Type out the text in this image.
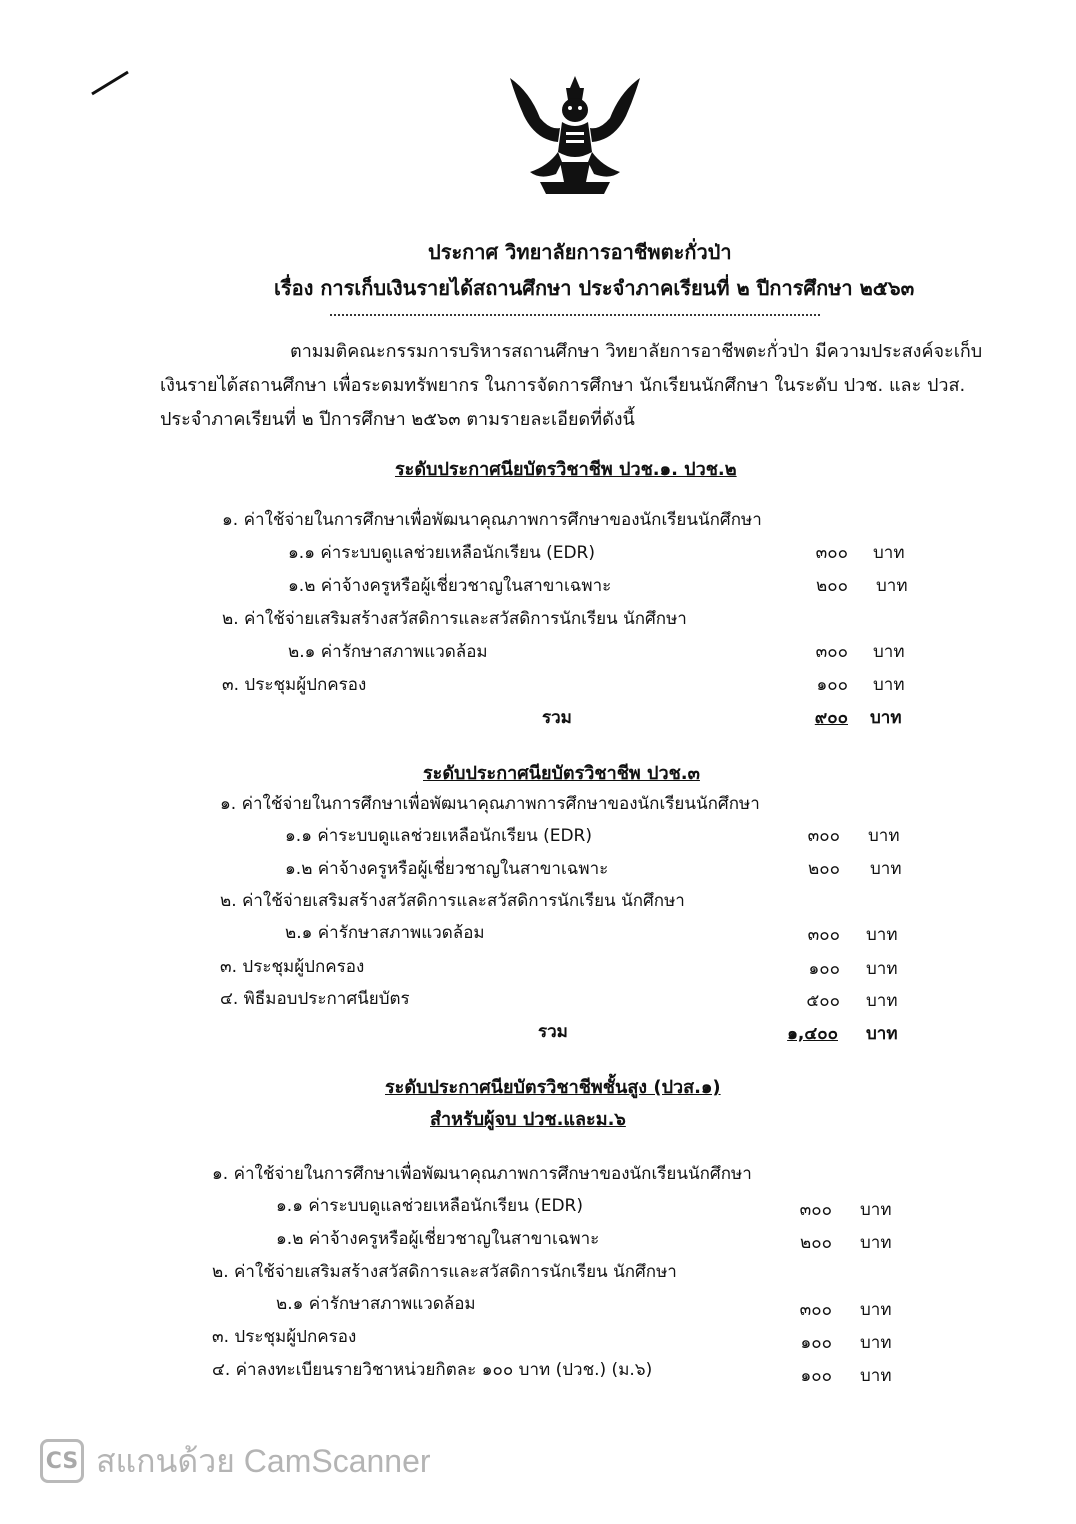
ประกาศ วิทยาลัยการอาชีพตะกั่วป่า
เรื่อง การเก็บเงินรายได้สถานศึกษา ประจำภาคเรียนที่ ๒ ปีการศึกษา ๒๕๖๓
ตามมติคณะกรรมการบริหารสถานศึกษา วิทยาลัยการอาชีพตะกั่วป่า มีความประสงค์จะเก็บ
เงินรายได้สถานศึกษา เพื่อระดมทรัพยากร ในการจัดการศึกษา นักเรียนนักศึกษา ในระดับ ปวช. และ ปวส.
ประจำภาคเรียนที่ ๒ ปีการศึกษา ๒๕๖๓ ตามรายละเอียดที่ดังนี้
ระดับประกาศนียบัตรวิชาชีพ ปวช.๑. ปวช.๒
๑. ค่าใช้จ่ายในการศึกษาเพื่อพัฒนาคุณภาพการศึกษาของนักเรียนนักศึกษา
๑.๑ ค่าระบบดูแลช่วยเหลือนักเรียน (EDR)	๓๐๐ บาท
๑.๒ ค่าจ้างครูหรือผู้เชี่ยวชาญในสาขาเฉพาะ	๒๐๐ บาท
๒. ค่าใช้จ่ายเสริมสร้างสวัสดิการและสวัสดิการนักเรียน นักศึกษา
๒.๑ ค่ารักษาสภาพแวดล้อม	๓๐๐ บาท
๓. ประชุมผู้ปกครอง	๑๐๐ บาท
รวม	๙๐๐ บาท
ระดับประกาศนียบัตรวิชาชีพ ปวช.๓
๑. ค่าใช้จ่ายในการศึกษาเพื่อพัฒนาคุณภาพการศึกษาของนักเรียนนักศึกษา
๑.๑ ค่าระบบดูแลช่วยเหลือนักเรียน (EDR)	๓๐๐ บาท
๑.๒ ค่าจ้างครูหรือผู้เชี่ยวชาญในสาขาเฉพาะ	๒๐๐ บาท
๒. ค่าใช้จ่ายเสริมสร้างสวัสดิการและสวัสดิการนักเรียน นักศึกษา
๒.๑ ค่ารักษาสภาพแวดล้อม	๓๐๐ บาท
๓. ประชุมผู้ปกครอง	๑๐๐ บาท
๔. พิธีมอบประกาศนียบัตร	๕๐๐ บาท
รวม	๑,๔๐๐ บาท
ระดับประกาศนียบัตรวิชาชีพชั้นสูง (ปวส.๑)
สำหรับผู้จบ ปวช.และม.๖
๑. ค่าใช้จ่ายในการศึกษาเพื่อพัฒนาคุณภาพการศึกษาของนักเรียนนักศึกษา
๑.๑ ค่าระบบดูแลช่วยเหลือนักเรียน (EDR)	๓๐๐ บาท
๑.๒ ค่าจ้างครูหรือผู้เชี่ยวชาญในสาขาเฉพาะ	๒๐๐ บาท
๒. ค่าใช้จ่ายเสริมสร้างสวัสดิการและสวัสดิการนักเรียน นักศึกษา
๒.๑ ค่ารักษาสภาพแวดล้อม	๓๐๐ บาท
๓. ประชุมผู้ปกครอง	๑๐๐ บาท
๔. ค่าลงทะเบียนรายวิชาหน่วยกิตละ ๑๐๐ บาท (ปวช.) (ม.๖)	๑๐๐ บาท
CS สแกนด้วย CamScanner
